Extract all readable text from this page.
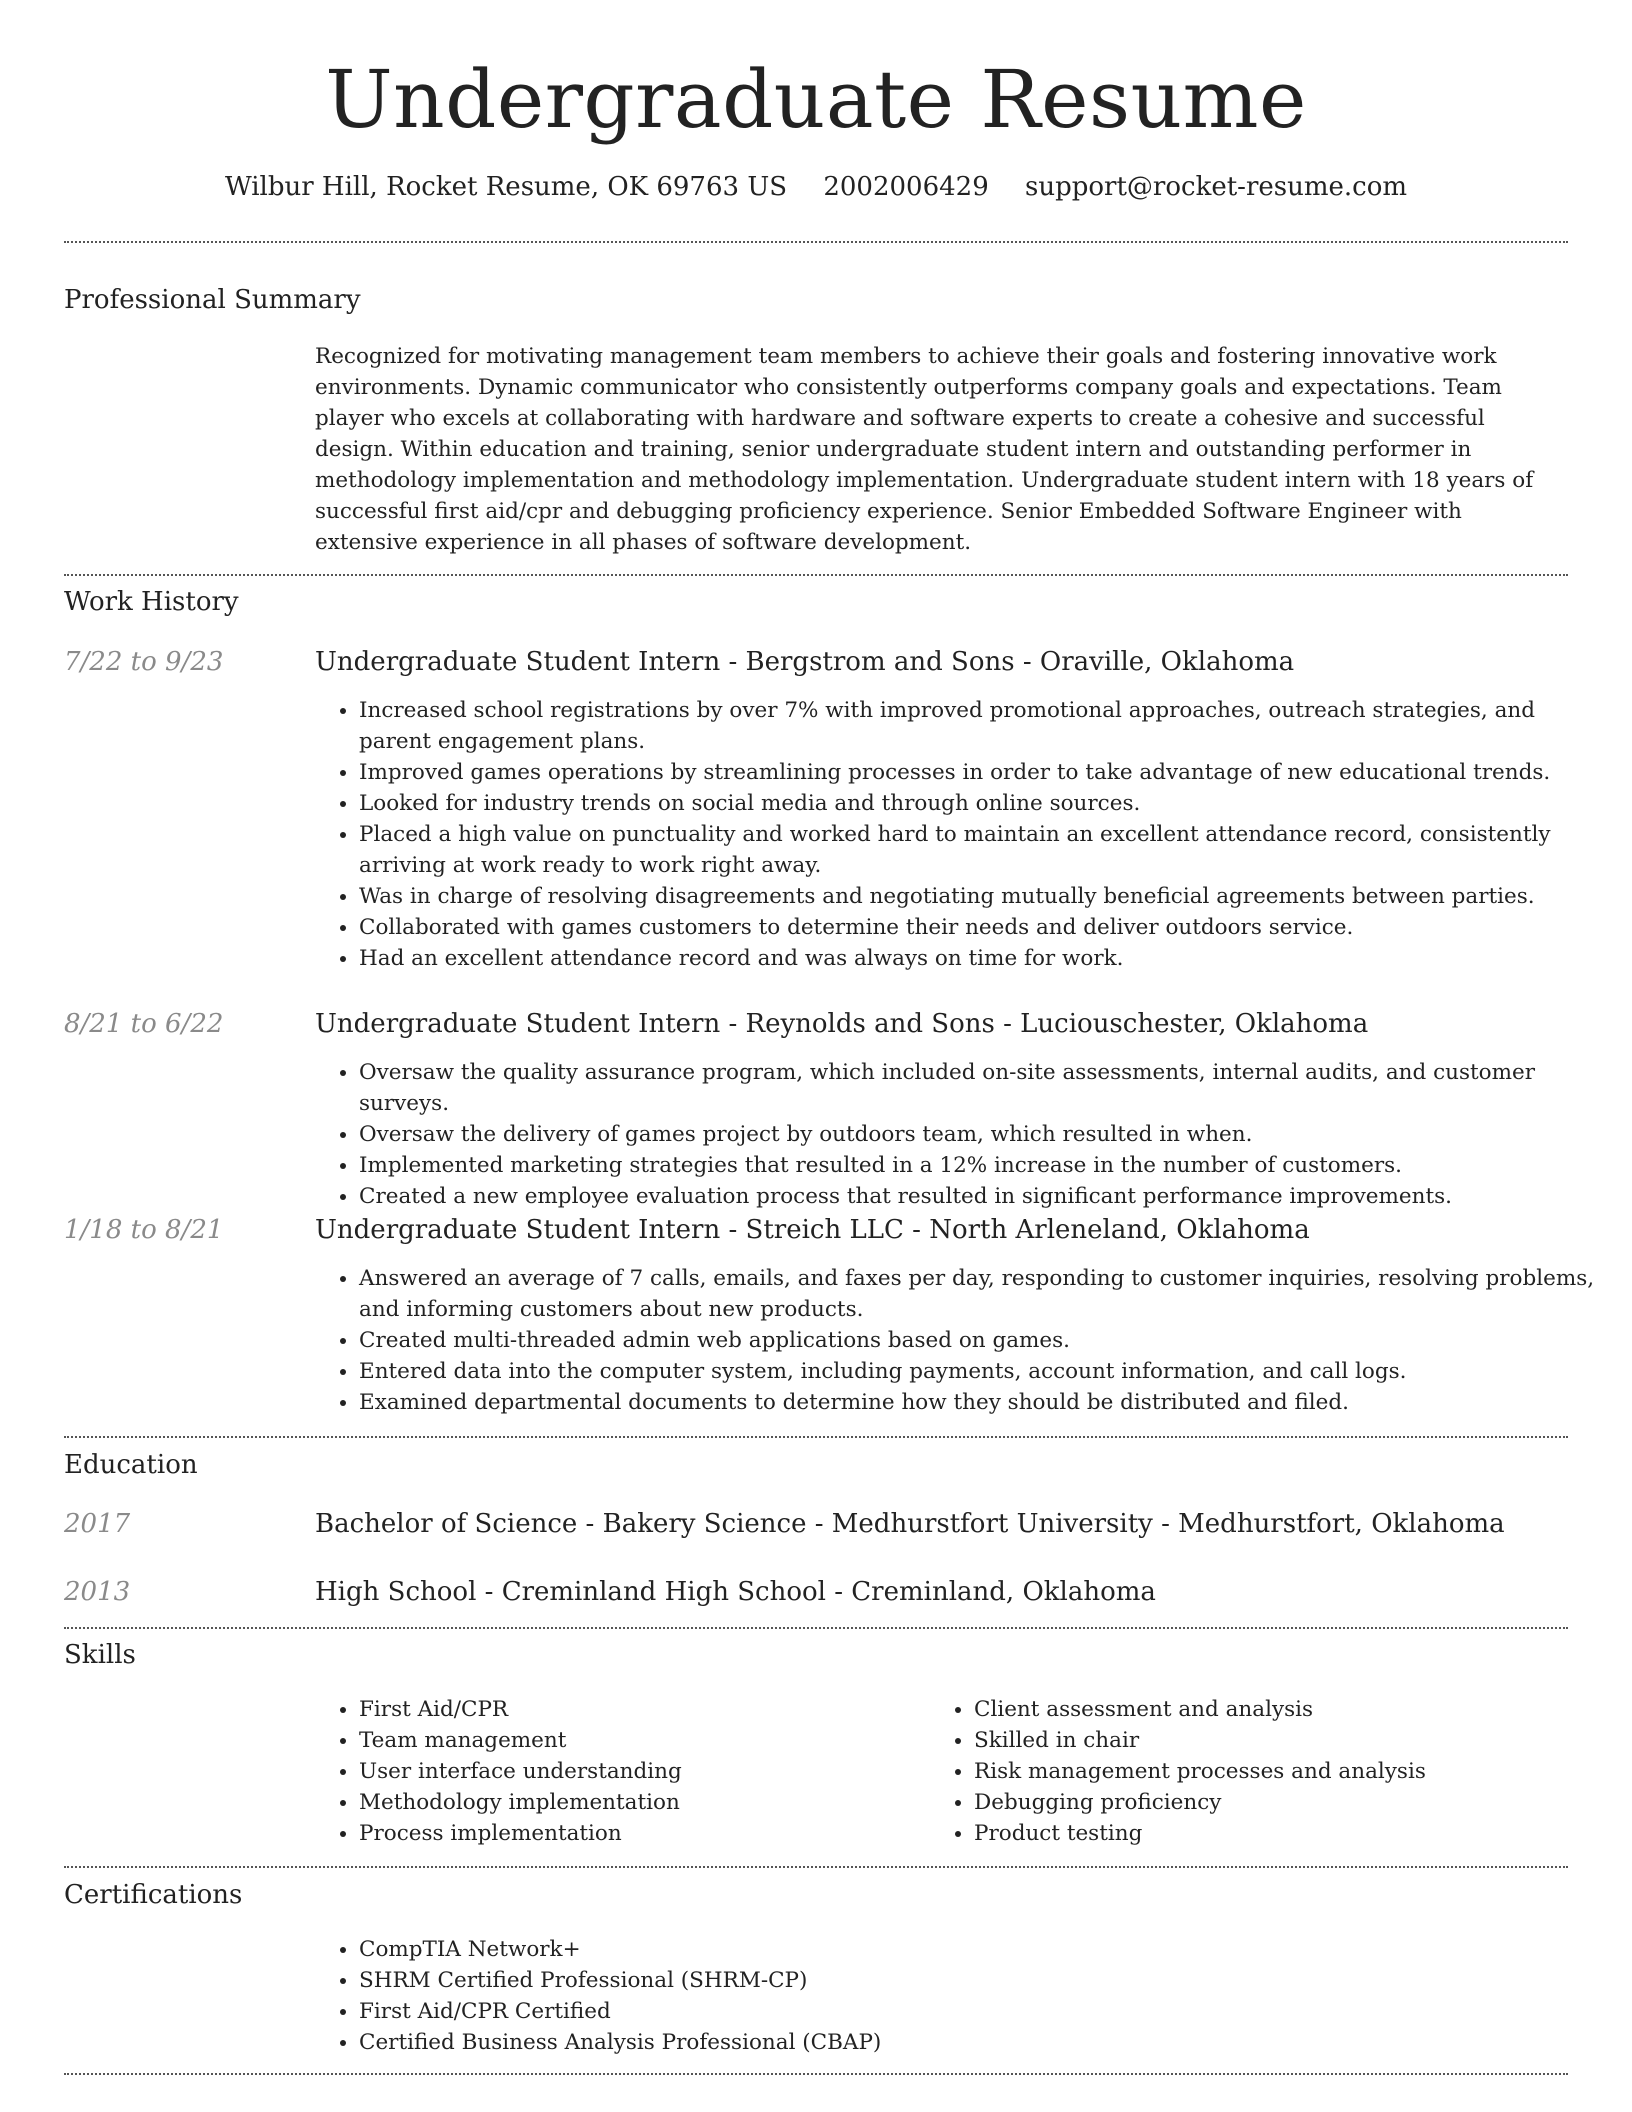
Undergraduate Resume
Wilbur Hill, Rocket Resume, OK 69763 US 2002006429 support@rocket-resume.com
Professional Summary
Recognized for motivating management team members to achieve their goals and fostering innovative work environments. Dynamic communicator who consistently outperforms company goals and expectations. Team player who excels at collaborating with hardware and software experts to create a cohesive and successful design. Within education and training, senior undergraduate student intern and outstanding performer in methodology implementation and methodology implementation. Undergraduate student intern with 18 years of successful first aid/cpr and debugging proficiency experience. Senior Embedded Software Engineer with extensive experience in all phases of software development.
Work History
7/22 to 9/23	Undergraduate Student Intern - Bergstrom and Sons - Oraville, Oklahoma
• Increased school registrations by over 7% with improved promotional approaches, outreach strategies, and parent engagement plans.
• Improved games operations by streamlining processes in order to take advantage of new educational trends.
• Looked for industry trends on social media and through online sources.
• Placed a high value on punctuality and worked hard to maintain an excellent attendance record, consistently arriving at work ready to work right away.
• Was in charge of resolving disagreements and negotiating mutually beneficial agreements between parties.
• Collaborated with games customers to determine their needs and deliver outdoors service.
• Had an excellent attendance record and was always on time for work.
8/21 to 6/22	Undergraduate Student Intern - Reynolds and Sons - Luciouschester, Oklahoma
• Oversaw the quality assurance program, which included on-site assessments, internal audits, and customer surveys.
• Oversaw the delivery of games project by outdoors team, which resulted in when.
• Implemented marketing strategies that resulted in a 12% increase in the number of customers.
• Created a new employee evaluation process that resulted in significant performance improvements.
1/18 to 8/21	Undergraduate Student Intern - Streich LLC - North Arleneland, Oklahoma
• Answered an average of 7 calls, emails, and faxes per day, responding to customer inquiries, resolving problems, and informing customers about new products.
• Created multi-threaded admin web applications based on games.
• Entered data into the computer system, including payments, account information, and call logs.
• Examined departmental documents to determine how they should be distributed and filed.
Education
2017	Bachelor of Science - Bakery Science - Medhurstfort University - Medhurstfort, Oklahoma
2013	High School - Creminland High School - Creminland, Oklahoma
Skills
• First Aid/CPR
• Team management
• User interface understanding
• Methodology implementation
• Process implementation
• Client assessment and analysis
• Skilled in chair
• Risk management processes and analysis
• Debugging proficiency
• Product testing
Certifications
• CompTIA Network+
• SHRM Certified Professional (SHRM-CP)
• First Aid/CPR Certified
• Certified Business Analysis Professional (CBAP)
